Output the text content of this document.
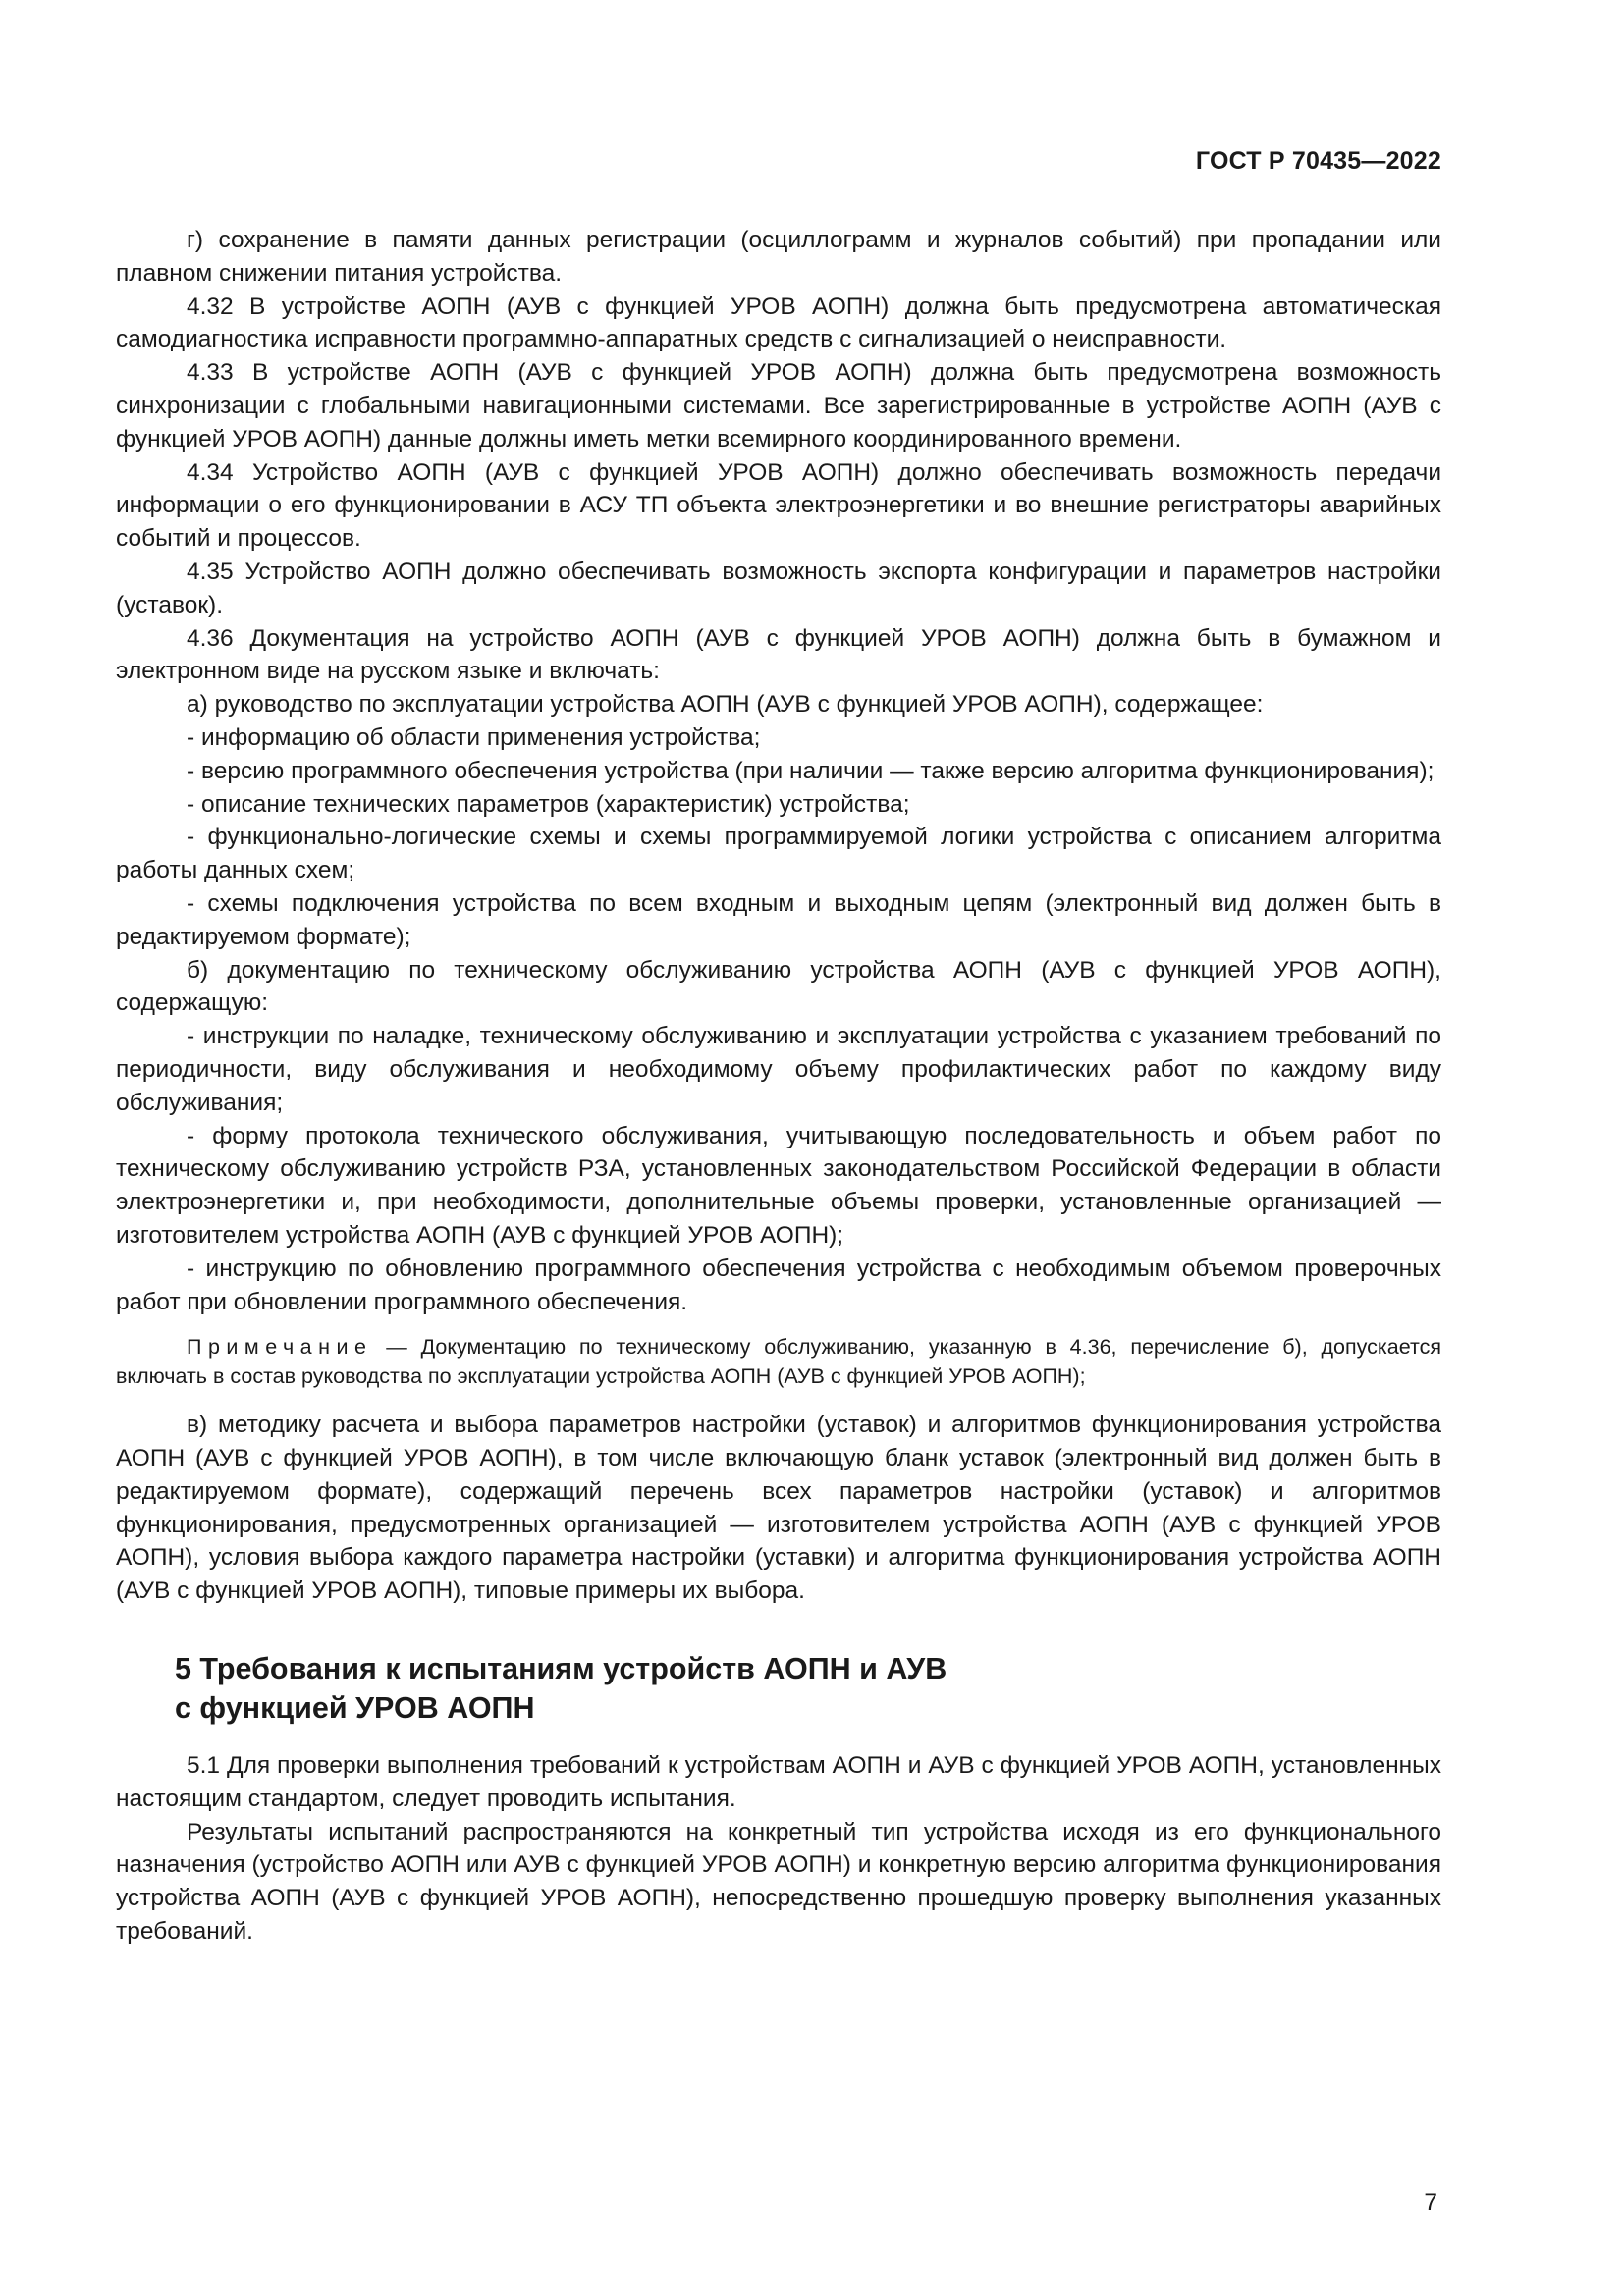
ГОСТ Р 70435—2022

г) сохранение в памяти данных регистрации (осциллограмм и журналов событий) при пропадании или плавном снижении питания устройства.

4.32 В устройстве АОПН (АУВ с функцией УРОВ АОПН) должна быть предусмотрена автоматическая самодиагностика исправности программно-аппаратных средств с сигнализацией о неисправности.

4.33 В устройстве АОПН (АУВ с функцией УРОВ АОПН) должна быть предусмотрена возможность синхронизации с глобальными навигационными системами. Все зарегистрированные в устройстве АОПН (АУВ с функцией УРОВ АОПН) данные должны иметь метки всемирного координированного времени.

4.34 Устройство АОПН (АУВ с функцией УРОВ АОПН) должно обеспечивать возможность передачи информации о его функционировании в АСУ ТП объекта электроэнергетики и во внешние регистраторы аварийных событий и процессов.

4.35 Устройство АОПН должно обеспечивать возможность экспорта конфигурации и параметров настройки (уставок).

4.36 Документация на устройство АОПН (АУВ с функцией УРОВ АОПН) должна быть в бумажном и электронном виде на русском языке и включать:

а) руководство по эксплуатации устройства АОПН (АУВ с функцией УРОВ АОПН), содержащее:

- информацию об области применения устройства;

- версию программного обеспечения устройства (при наличии — также версию алгоритма функционирования);

- описание технических параметров (характеристик) устройства;

- функционально-логические схемы и схемы программируемой логики устройства с описанием алгоритма работы данных схем;

- схемы подключения устройства по всем входным и выходным цепям (электронный вид должен быть в редактируемом формате);

б) документацию по техническому обслуживанию устройства АОПН (АУВ с функцией УРОВ АОПН), содержащую:

- инструкции по наладке, техническому обслуживанию и эксплуатации устройства с указанием требований по периодичности, виду обслуживания и необходимому объему профилактических работ по каждому виду обслуживания;

- форму протокола технического обслуживания, учитывающую последовательность и объем работ по техническому обслуживанию устройств РЗА, установленных законодательством Российской Федерации в области электроэнергетики и, при необходимости, дополнительные объемы проверки, установленные организацией — изготовителем устройства АОПН (АУВ с функцией УРОВ АОПН);

- инструкцию по обновлению программного обеспечения устройства с необходимым объемом проверочных работ при обновлении программного обеспечения.

Примечание — Документацию по техническому обслуживанию, указанную в 4.36, перечисление б), допускается включать в состав руководства по эксплуатации устройства АОПН (АУВ с функцией УРОВ АОПН);

в) методику расчета и выбора параметров настройки (уставок) и алгоритмов функционирования устройства АОПН (АУВ с функцией УРОВ АОПН), в том числе включающую бланк уставок (электронный вид должен быть в редактируемом формате), содержащий перечень всех параметров настройки (уставок) и алгоритмов функционирования, предусмотренных организацией — изготовителем устройства АОПН (АУВ с функцией УРОВ АОПН), условия выбора каждого параметра настройки (уставки) и алгоритма функционирования устройства АОПН (АУВ с функцией УРОВ АОПН), типовые примеры их выбора.

5 Требования к испытаниям устройств АОПН и АУВ
с функцией УРОВ АОПН

5.1 Для проверки выполнения требований к устройствам АОПН и АУВ с функцией УРОВ АОПН, установленных настоящим стандартом, следует проводить испытания.

Результаты испытаний распространяются на конкретный тип устройства исходя из его функционального назначения (устройство АОПН или АУВ с функцией УРОВ АОПН) и конкретную версию алгоритма функционирования устройства АОПН (АУВ с функцией УРОВ АОПН), непосредственно прошедшую проверку выполнения указанных требований.

7
